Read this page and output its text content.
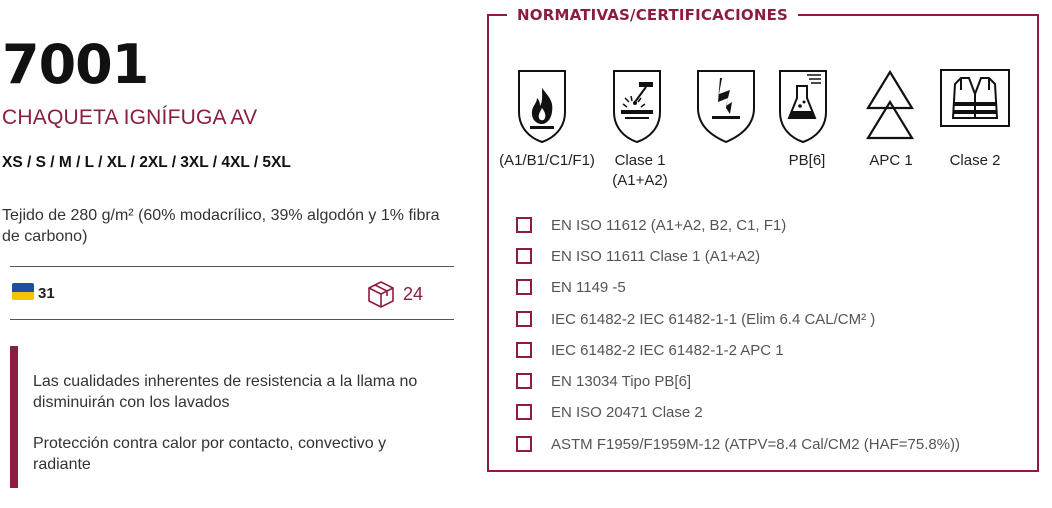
7001
CHAQUETA IGNÍFUGA AV
XS / S / M / L / XL / 2XL / 3XL / 4XL / 5XL
Tejido de 280 g/m² (60% modacrílico, 39% algodón y 1% fibra de carbono)
31	24
Las cualidades inherentes de resistencia a la llama no disminuirán con los lavados
Protección contra calor por contacto, convectivo y radiante
NORMATIVAS/CERTIFICACIONES
(A1/B1/C1/F1) Clase 1
(A1+A2)
PB[6]	APC 1 Clase 2
EN ISO 11612 (A1+A2, B2, C1, F1)
EN ISO 11611 Clase 1 (A1+A2)
EN 1149 -5
IEC 61482-2 IEC 61482-1-1 (Elim 6.4 CAL/CM² )
IEC 61482-2 IEC 61482-1-2 APC 1
EN 13034 Tipo PB[6]
EN ISO 20471 Clase 2
ASTM F1959/F1959M-12 (ATPV=8.4 Cal/CM2 (HAF=75.8%))
